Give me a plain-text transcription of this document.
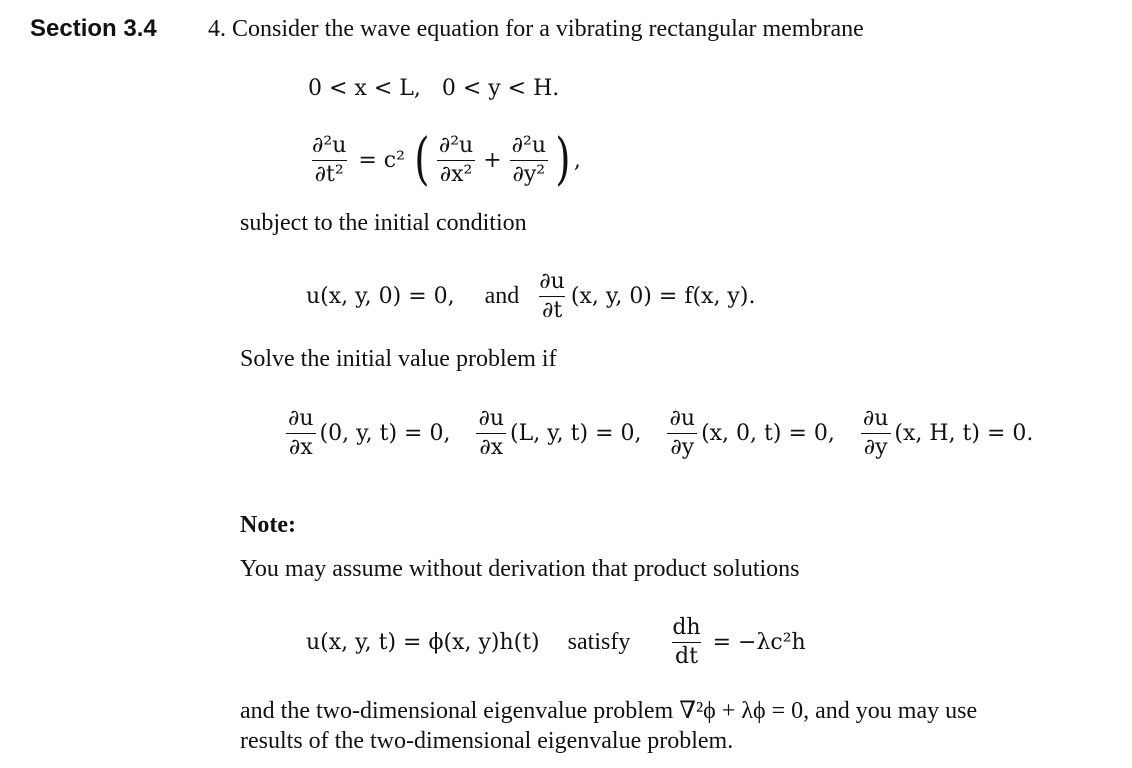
Section 3.4 4. Consider the wave equation for a vibrating rectangular membrane
0 < x < L,   0 < y < H.
$\frac{\text{∂²u}}{\text{∂t²}} = c^2$ ( $\frac{\text{∂²u}}{\text{∂x²}} + \frac{\text{∂²u}}{\text{∂y²}}$ ) ,
subject to the initial condition
u(x, y, 0) = 0, and $\frac{\partial u}{\partial t} (x$, y, 0) = f(x, y).
Solve the initial value problem if
$\frac{\partial u}{\partial x} (0$, y, t) = 0, $\frac{\partial u}{\partial x} (L$, y, t) = 0, $\frac{\partial u}{\partial y} (x$, 0, t) = 0, $\frac{\partial u}{\partial y} (x$, H, t) = 0.
Note:
You may assume without derivation that product solutions
u(x, y, t) = ϕ(x, y)h(t) satisfy $\frac{dh}{dt} = -\lambda c^2h$
and the two-dimensional eigenvalue problem ∇²ϕ + λϕ = 0, and you may use
results of the two-dimensional eigenvalue problem.
